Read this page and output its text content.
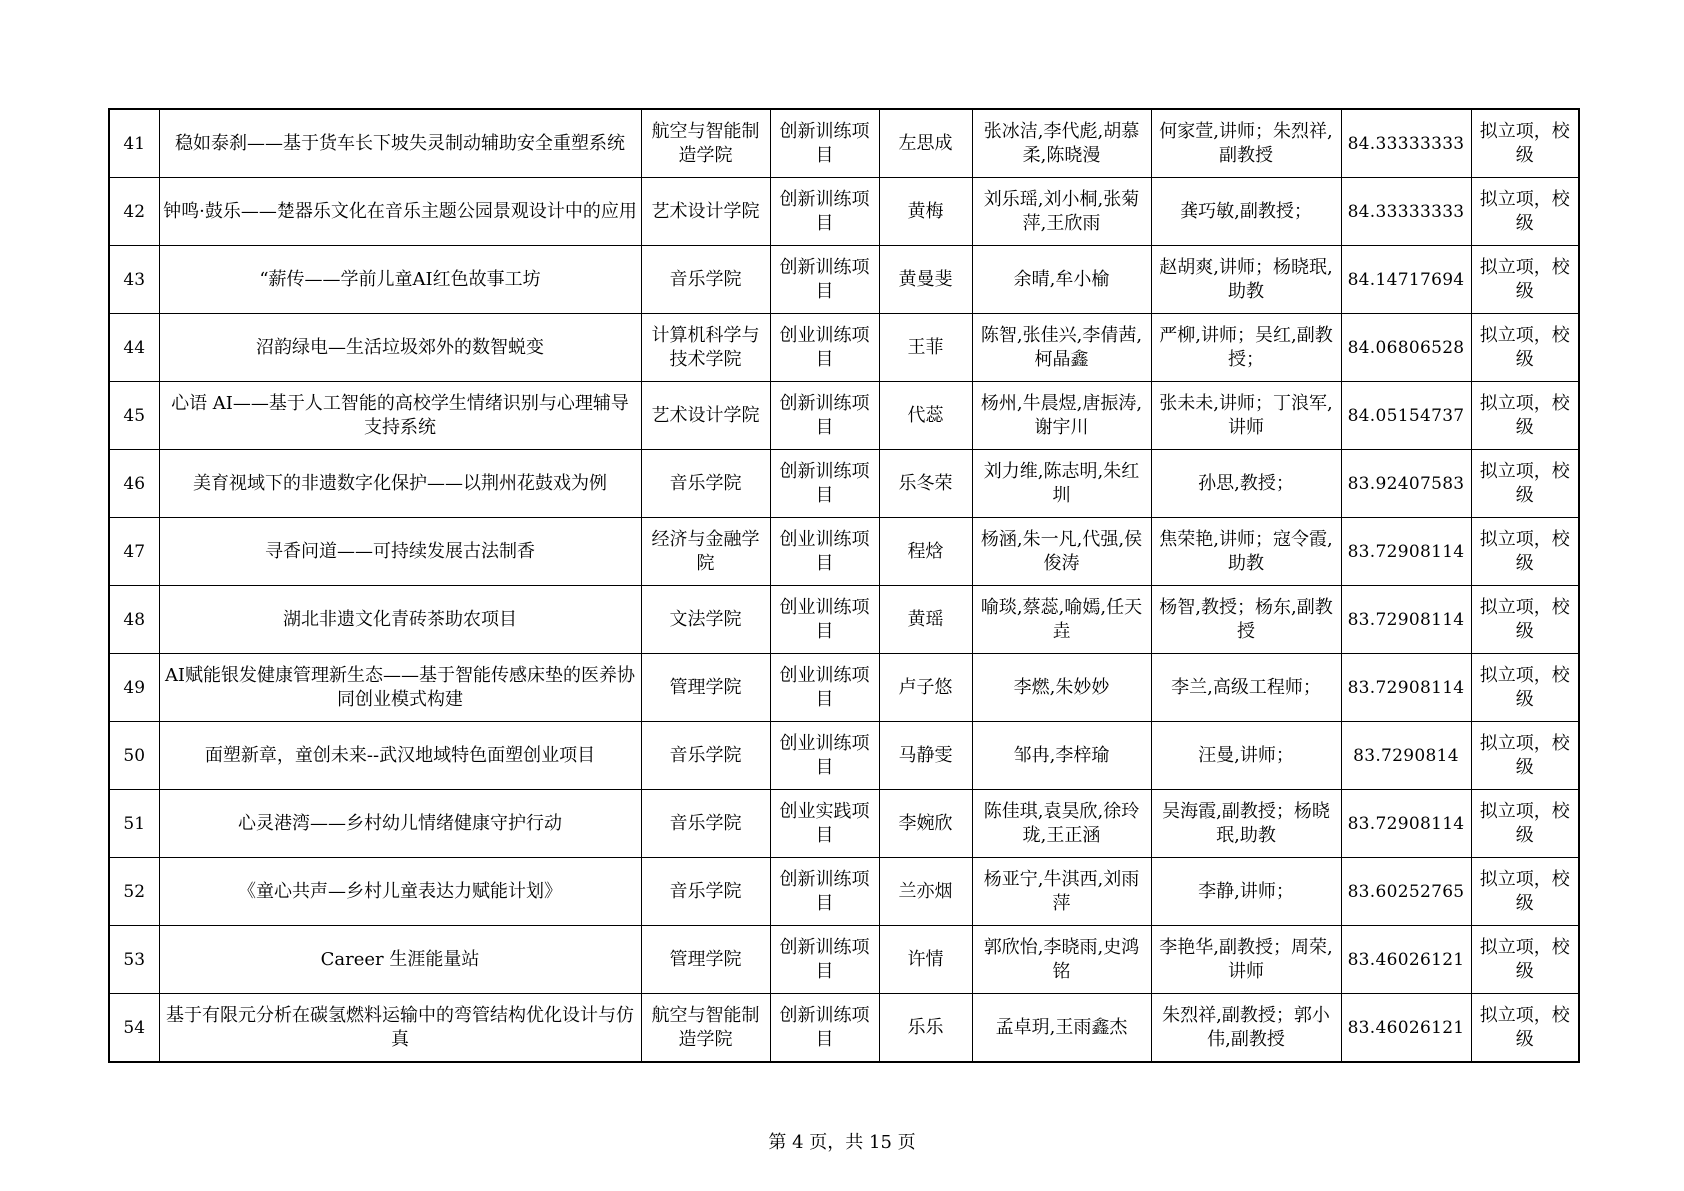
41	稳如泰刹——基于货车长下坡失灵制动辅助安全重塑系统	航空与智能制造学院	创新训练项目	左思成	张冰洁,李代彪,胡慕柔,陈晓漫	何家萱,讲师；朱烈祥,副教授	84.33333333	拟立项，校级
42	钟鸣·鼓乐——楚器乐文化在音乐主题公园景观设计中的应用	艺术设计学院	创新训练项目	黄梅	刘乐瑶,刘小桐,张菊萍,王欣雨	龚巧敏,副教授；	84.33333333	拟立项，校级
43	“薪传——学前儿童AI红色故事工坊	音乐学院	创新训练项目	黄曼斐	余晴,牟小榆	赵胡爽,讲师；杨晓珉,助教	84.14717694	拟立项，校级
44	沼韵绿电—生活垃圾郊外的数智蜕变	计算机科学与技术学院	创业训练项目	王菲	陈智,张佳兴,李倩茜,柯晶鑫	严柳,讲师；吴红,副教授；	84.06806528	拟立项，校级
45	心语 AI——基于人工智能的高校学生情绪识别与心理辅导支持系统	艺术设计学院	创新训练项目	代蕊	杨州,牛晨煜,唐振涛,谢宇川	张未未,讲师；丁浪军,讲师	84.05154737	拟立项，校级
46	美育视域下的非遗数字化保护——以荆州花鼓戏为例	音乐学院	创新训练项目	乐冬荣	刘力维,陈志明,朱红圳	孙思,教授；	83.92407583	拟立项，校级
47	寻香问道——可持续发展古法制香	经济与金融学院	创业训练项目	程焓	杨涵,朱一凡,代强,侯俊涛	焦荣艳,讲师；寇令霞,助教	83.72908114	拟立项，校级
48	湖北非遗文化青砖茶助农项目	文法学院	创业训练项目	黄瑶	喻琰,蔡蕊,喻嫣,任天垚	杨智,教授；杨东,副教授	83.72908114	拟立项，校级
49	AI赋能银发健康管理新生态——基于智能传感床垫的医养协同创业模式构建	管理学院	创业训练项目	卢子悠	李燃,朱妙妙	李兰,高级工程师；	83.72908114	拟立项，校级
50	面塑新章，童创未来--武汉地域特色面塑创业项目	音乐学院	创业训练项目	马静雯	邹冉,李梓瑜	汪曼,讲师；	83.7290814	拟立项，校级
51	心灵港湾——乡村幼儿情绪健康守护行动	音乐学院	创业实践项目	李婉欣	陈佳琪,袁昊欣,徐玲珑,王正涵	吴海霞,副教授；杨晓珉,助教	83.72908114	拟立项，校级
52	《童心共声—乡村儿童表达力赋能计划》	音乐学院	创新训练项目	兰亦烟	杨亚宁,牛淇西,刘雨萍	李静,讲师；	83.60252765	拟立项，校级
53	Career 生涯能量站	管理学院	创新训练项目	许情	郭欣怡,李晓雨,史鸿铭	李艳华,副教授；周荣,讲师	83.46026121	拟立项，校级
54	基于有限元分析在碳氢燃料运输中的弯管结构优化设计与仿真	航空与智能制造学院	创新训练项目	乐乐	孟卓玥,王雨鑫杰	朱烈祥,副教授；郭小伟,副教授	83.46026121	拟立项，校级
第 4 页，共 15 页
